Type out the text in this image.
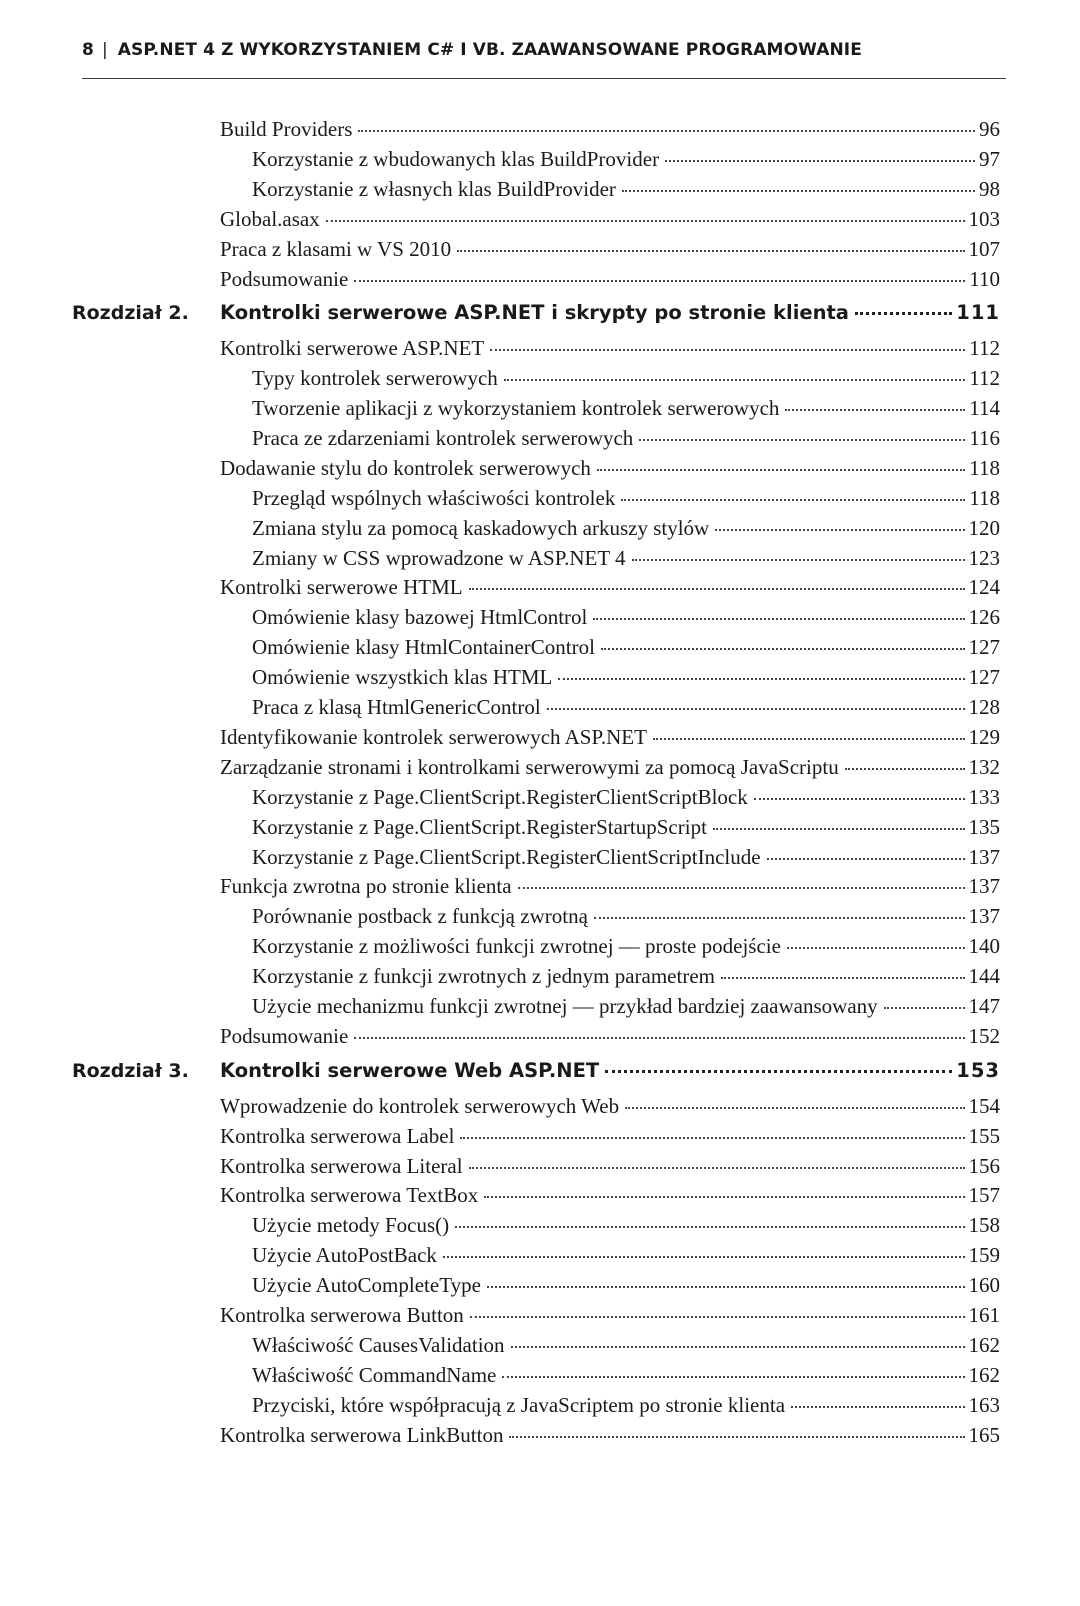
8 | ASP.NET 4 Z WYKORZYSTANIEM C# I VB. ZAAWANSOWANE PROGRAMOWANIE
Build Providers	96
Korzystanie z wbudowanych klas BuildProvider	97
Korzystanie z własnych klas BuildProvider	98
Global.asax	103
Praca z klasami w VS 2010	107
Podsumowanie	110
Rozdział 2. Kontrolki serwerowe ASP.NET i skrypty po stronie klienta	111
Kontrolki serwerowe ASP.NET	112
Typy kontrolek serwerowych	112
Tworzenie aplikacji z wykorzystaniem kontrolek serwerowych	114
Praca ze zdarzeniami kontrolek serwerowych	116
Dodawanie stylu do kontrolek serwerowych	118
Przegląd wspólnych właściwości kontrolek	118
Zmiana stylu za pomocą kaskadowych arkuszy stylów	120
Zmiany w CSS wprowadzone w ASP.NET 4	123
Kontrolki serwerowe HTML	124
Omówienie klasy bazowej HtmlControl	126
Omówienie klasy HtmlContainerControl	127
Omówienie wszystkich klas HTML	127
Praca z klasą HtmlGenericControl	128
Identyfikowanie kontrolek serwerowych ASP.NET	129
Zarządzanie stronami i kontrolkami serwerowymi za pomocą JavaScriptu	132
Korzystanie z Page.ClientScript.RegisterClientScriptBlock	133
Korzystanie z Page.ClientScript.RegisterStartupScript	135
Korzystanie z Page.ClientScript.RegisterClientScriptInclude	137
Funkcja zwrotna po stronie klienta	137
Porównanie postback z funkcją zwrotną	137
Korzystanie z możliwości funkcji zwrotnej — proste podejście	140
Korzystanie z funkcji zwrotnych z jednym parametrem	144
Użycie mechanizmu funkcji zwrotnej — przykład bardziej zaawansowany	147
Podsumowanie	152
Rozdział 3. Kontrolki serwerowe Web ASP.NET	153
Wprowadzenie do kontrolek serwerowych Web	154
Kontrolka serwerowa Label	155
Kontrolka serwerowa Literal	156
Kontrolka serwerowa TextBox	157
Użycie metody Focus()	158
Użycie AutoPostBack	159
Użycie AutoCompleteType	160
Kontrolka serwerowa Button	161
Właściwość CausesValidation	162
Właściwość CommandName	162
Przyciski, które współpracują z JavaScriptem po stronie klienta	163
Kontrolka serwerowa LinkButton	165
